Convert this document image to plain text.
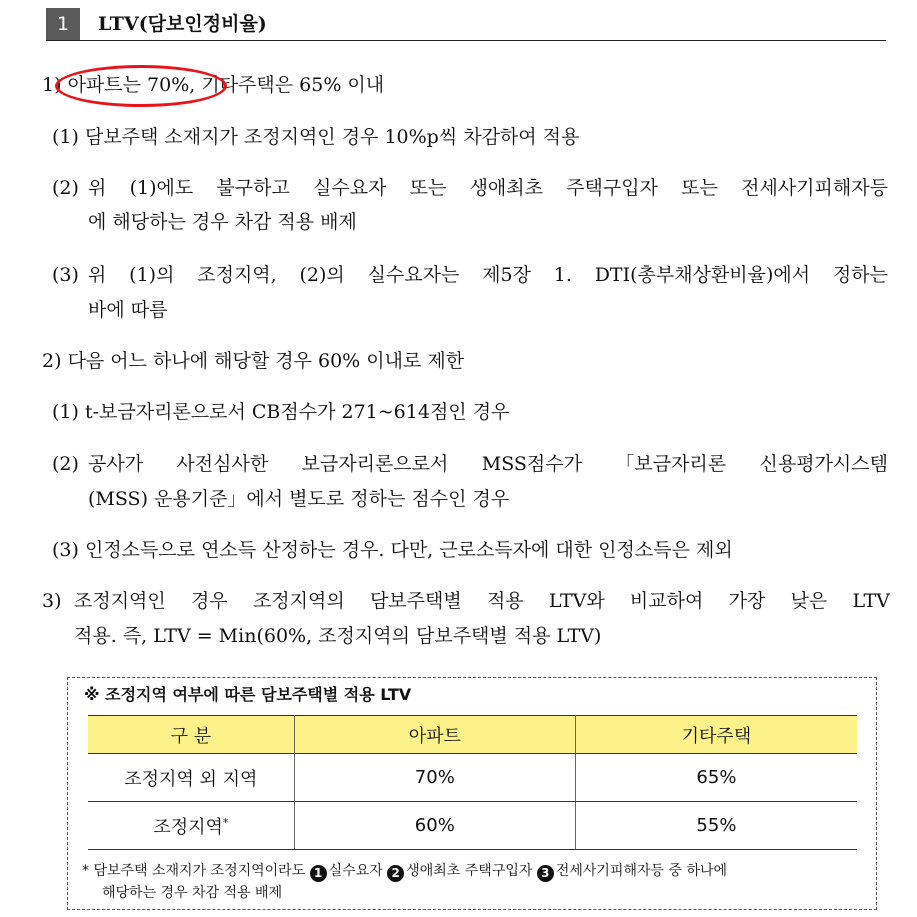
1	LTV(담보인정비율)
1) 아파트는 70%, 기타주택은 65% 이내
(1) 담보주택 소재지가 조정지역인 경우 10%p씩 차감하여 적용
(2) 위 (1)에도 불구하고 실수요자 또는 생애최초 주택구입자 또는 전세사기피해자등
에 해당하는 경우 차감 적용 배제
(3) 위 (1)의 조정지역, (2)의 실수요자는 제5장 1. DTI(총부채상환비율)에서 정하는
바에 따름
2) 다음 어느 하나에 해당할 경우 60% 이내로 제한
(1) t-보금자리론으로서 CB점수가 271~614점인 경우
(2) 공사가 사전심사한 보금자리론으로서 MSS점수가 「보금자리론 신용평가시스템
(MSS) 운용기준」에서 별도로 정하는 점수인 경우
(3) 인정소득으로 연소득 산정하는 경우. 다만, 근로소득자에 대한 인정소득은 제외
3) 조정지역인 경우 조정지역의 담보주택별 적용 LTV와 비교하여 가장 낮은 LTV
적용. 즉, LTV = Min(60%, 조정지역의 담보주택별 적용 LTV)
※ 조정지역 여부에 따른 담보주택별 적용 LTV
구 분	아파트	기타주택
조정지역 외 지역	70%	65%
조정지역*	60%	55%
* 담보주택 소재지가 조정지역이라도 1 실수요자 2 생애최초 주택구입자 3 전세사기피해자등 중 하나에
해당하는 경우 차감 적용 배제
